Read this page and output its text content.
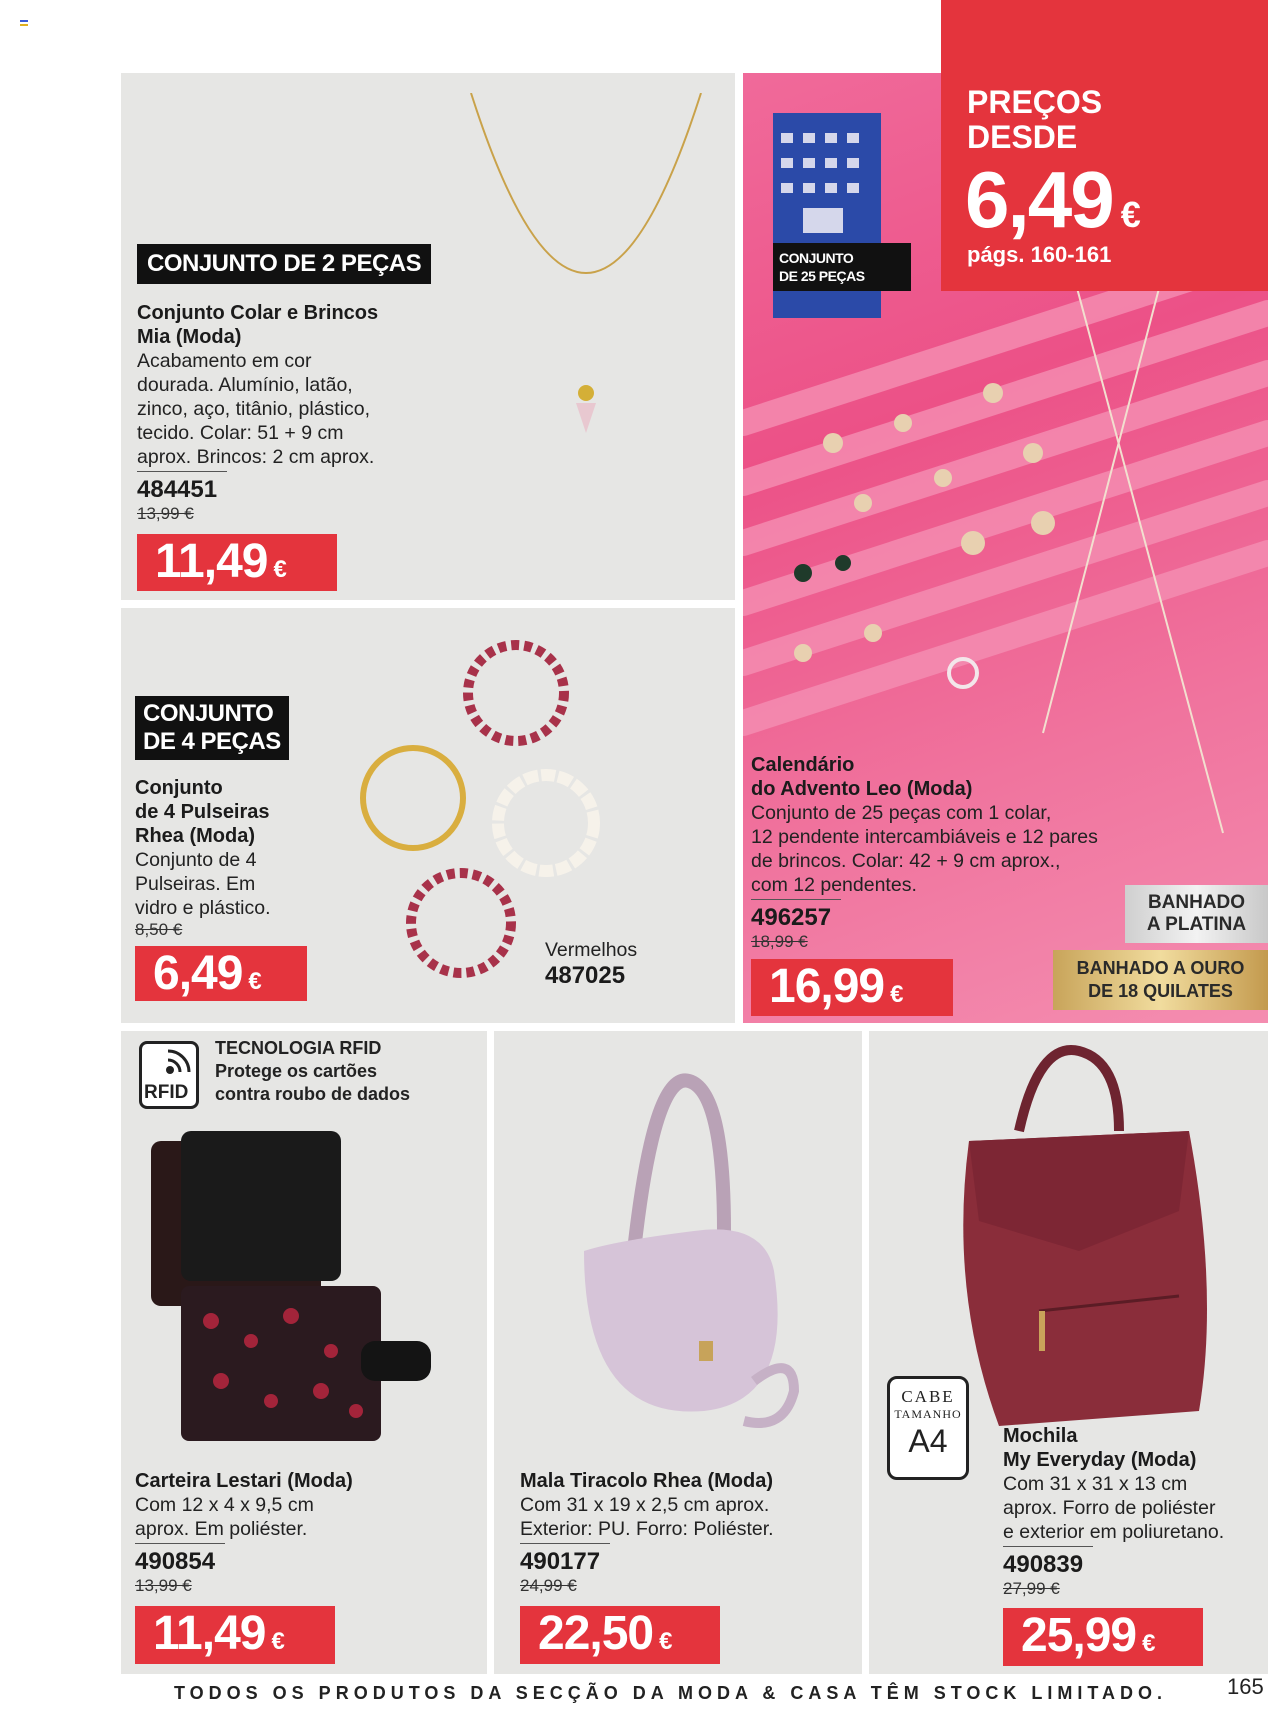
CONJUNTO DE 2 PEÇAS
Conjunto Colar e Brincos
Mia (Moda)
Acabamento em cor
dourada. Alumínio, latão,
zinco, aço, titânio, plástico,
tecido. Colar: 51 + 9 cm
aprox. Brincos: 2 cm aprox.
484451
13,99 €
11,49 €
CONJUNTO
DE 4 PEÇAS
Conjunto
de 4 Pulseiras
Rhea (Moda)
Conjunto de 4
Pulseiras. Em
vidro e plástico.
8,50 €
6,49 €
Vermelhos
487025
CONJUNTO
DE 25 PEÇAS
Calendário
do Advento Leo (Moda)
Conjunto de 25 peças com 1 colar,
12 pendente intercambiáveis e 12 pares
de brincos. Colar: 42 + 9 cm aprox.,
com 12 pendentes.
496257
18,99 €
16,99 €
BANHADO
A PLATINA
BANHADO A OURO
DE 18 QUILATES
PREÇOS
DESDE
6,49 €
págs. 160-161
RFID
TECNOLOGIA RFID
Protege os cartões
contra roubo de dados
Carteira Lestari (Moda)
Com 12 x 4 x 9,5 cm
aprox. Em poliéster.
490854
13,99 €
11,49 €
Mala Tiracolo Rhea (Moda)
Com 31 x 19 x 2,5 cm aprox.
Exterior: PU. Forro: Poliéster.
490177
24,99 €
22,50 €
CABE
TAMANHO
A4	Mochila
My Everyday (Moda)
Com 31 x 31 x 13 cm
aprox. Forro de poliéster
e exterior em poliuretano.
490839
27,99 €
25,99 €
TODOS OS PRODUTOS DA SECÇÃO DA MODA & CASA TÊM STOCK LIMITADO.	165
